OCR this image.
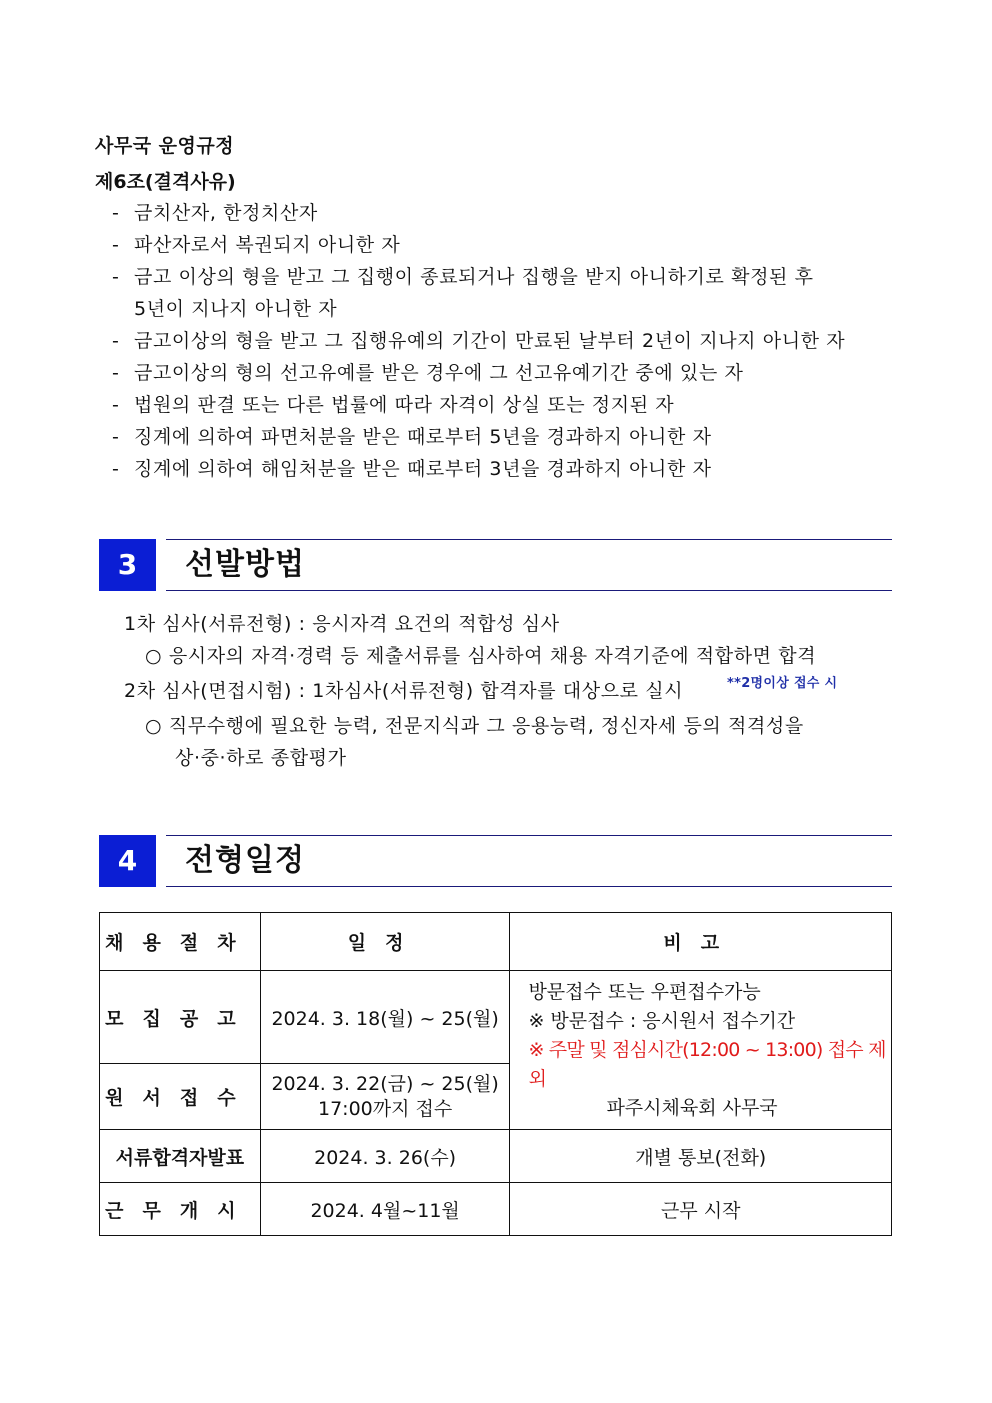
사무국 운영규정
제6조(결격사유)
- 금치산자, 한정치산자
- 파산자로서 복권되지 아니한 자
- 금고 이상의 형을 받고 그 집행이 종료되거나 집행을 받지 아니하기로 확정된 후
5년이 지나지 아니한 자
- 금고이상의 형을 받고 그 집행유예의 기간이 만료된 날부터 2년이 지나지 아니한 자
- 금고이상의 형의 선고유예를 받은 경우에 그 선고유예기간 중에 있는 자
- 법원의 판결 또는 다른 법률에 따라 자격이 상실 또는 정지된 자
- 징계에 의하여 파면처분을 받은 때로부터 5년을 경과하지 아니한 자
- 징계에 의하여 해임처분을 받은 때로부터 3년을 경과하지 아니한 자
3	선발방법
1차 심사(서류전형) : 응시자격 요건의 적합성 심사
○ 응시자의 자격·경력 등 제출서류를 심사하여 채용 자격기준에 적합하면 합격
2차 심사(면접시험) : 1차심사(서류전형) 합격자를 대상으로 실시	**2명이상 접수 시
○ 직무수행에 필요한 능력, 전문지식과 그 응용능력, 정신자세 등의 적격성을
상·중·하로 종합평가
4	전형일정
채용절차	일정	비고
모집공고	2024. 3. 18(월) ~ 25(월)	방문접수 또는 우편접수가능
※ 방문접수 : 응시원서 접수기간
※ 주말 및 점심시간(12:00 ~ 13:00) 접수 제외
파주시체육회 사무국

원서접수	2024. 3. 22(금) ~ 25(월)
17:00까지 접수	

서류합격자발표	2024. 3. 26(수)	개별 통보(전화)
근무개시	2024. 4월~11월	근무 시작
